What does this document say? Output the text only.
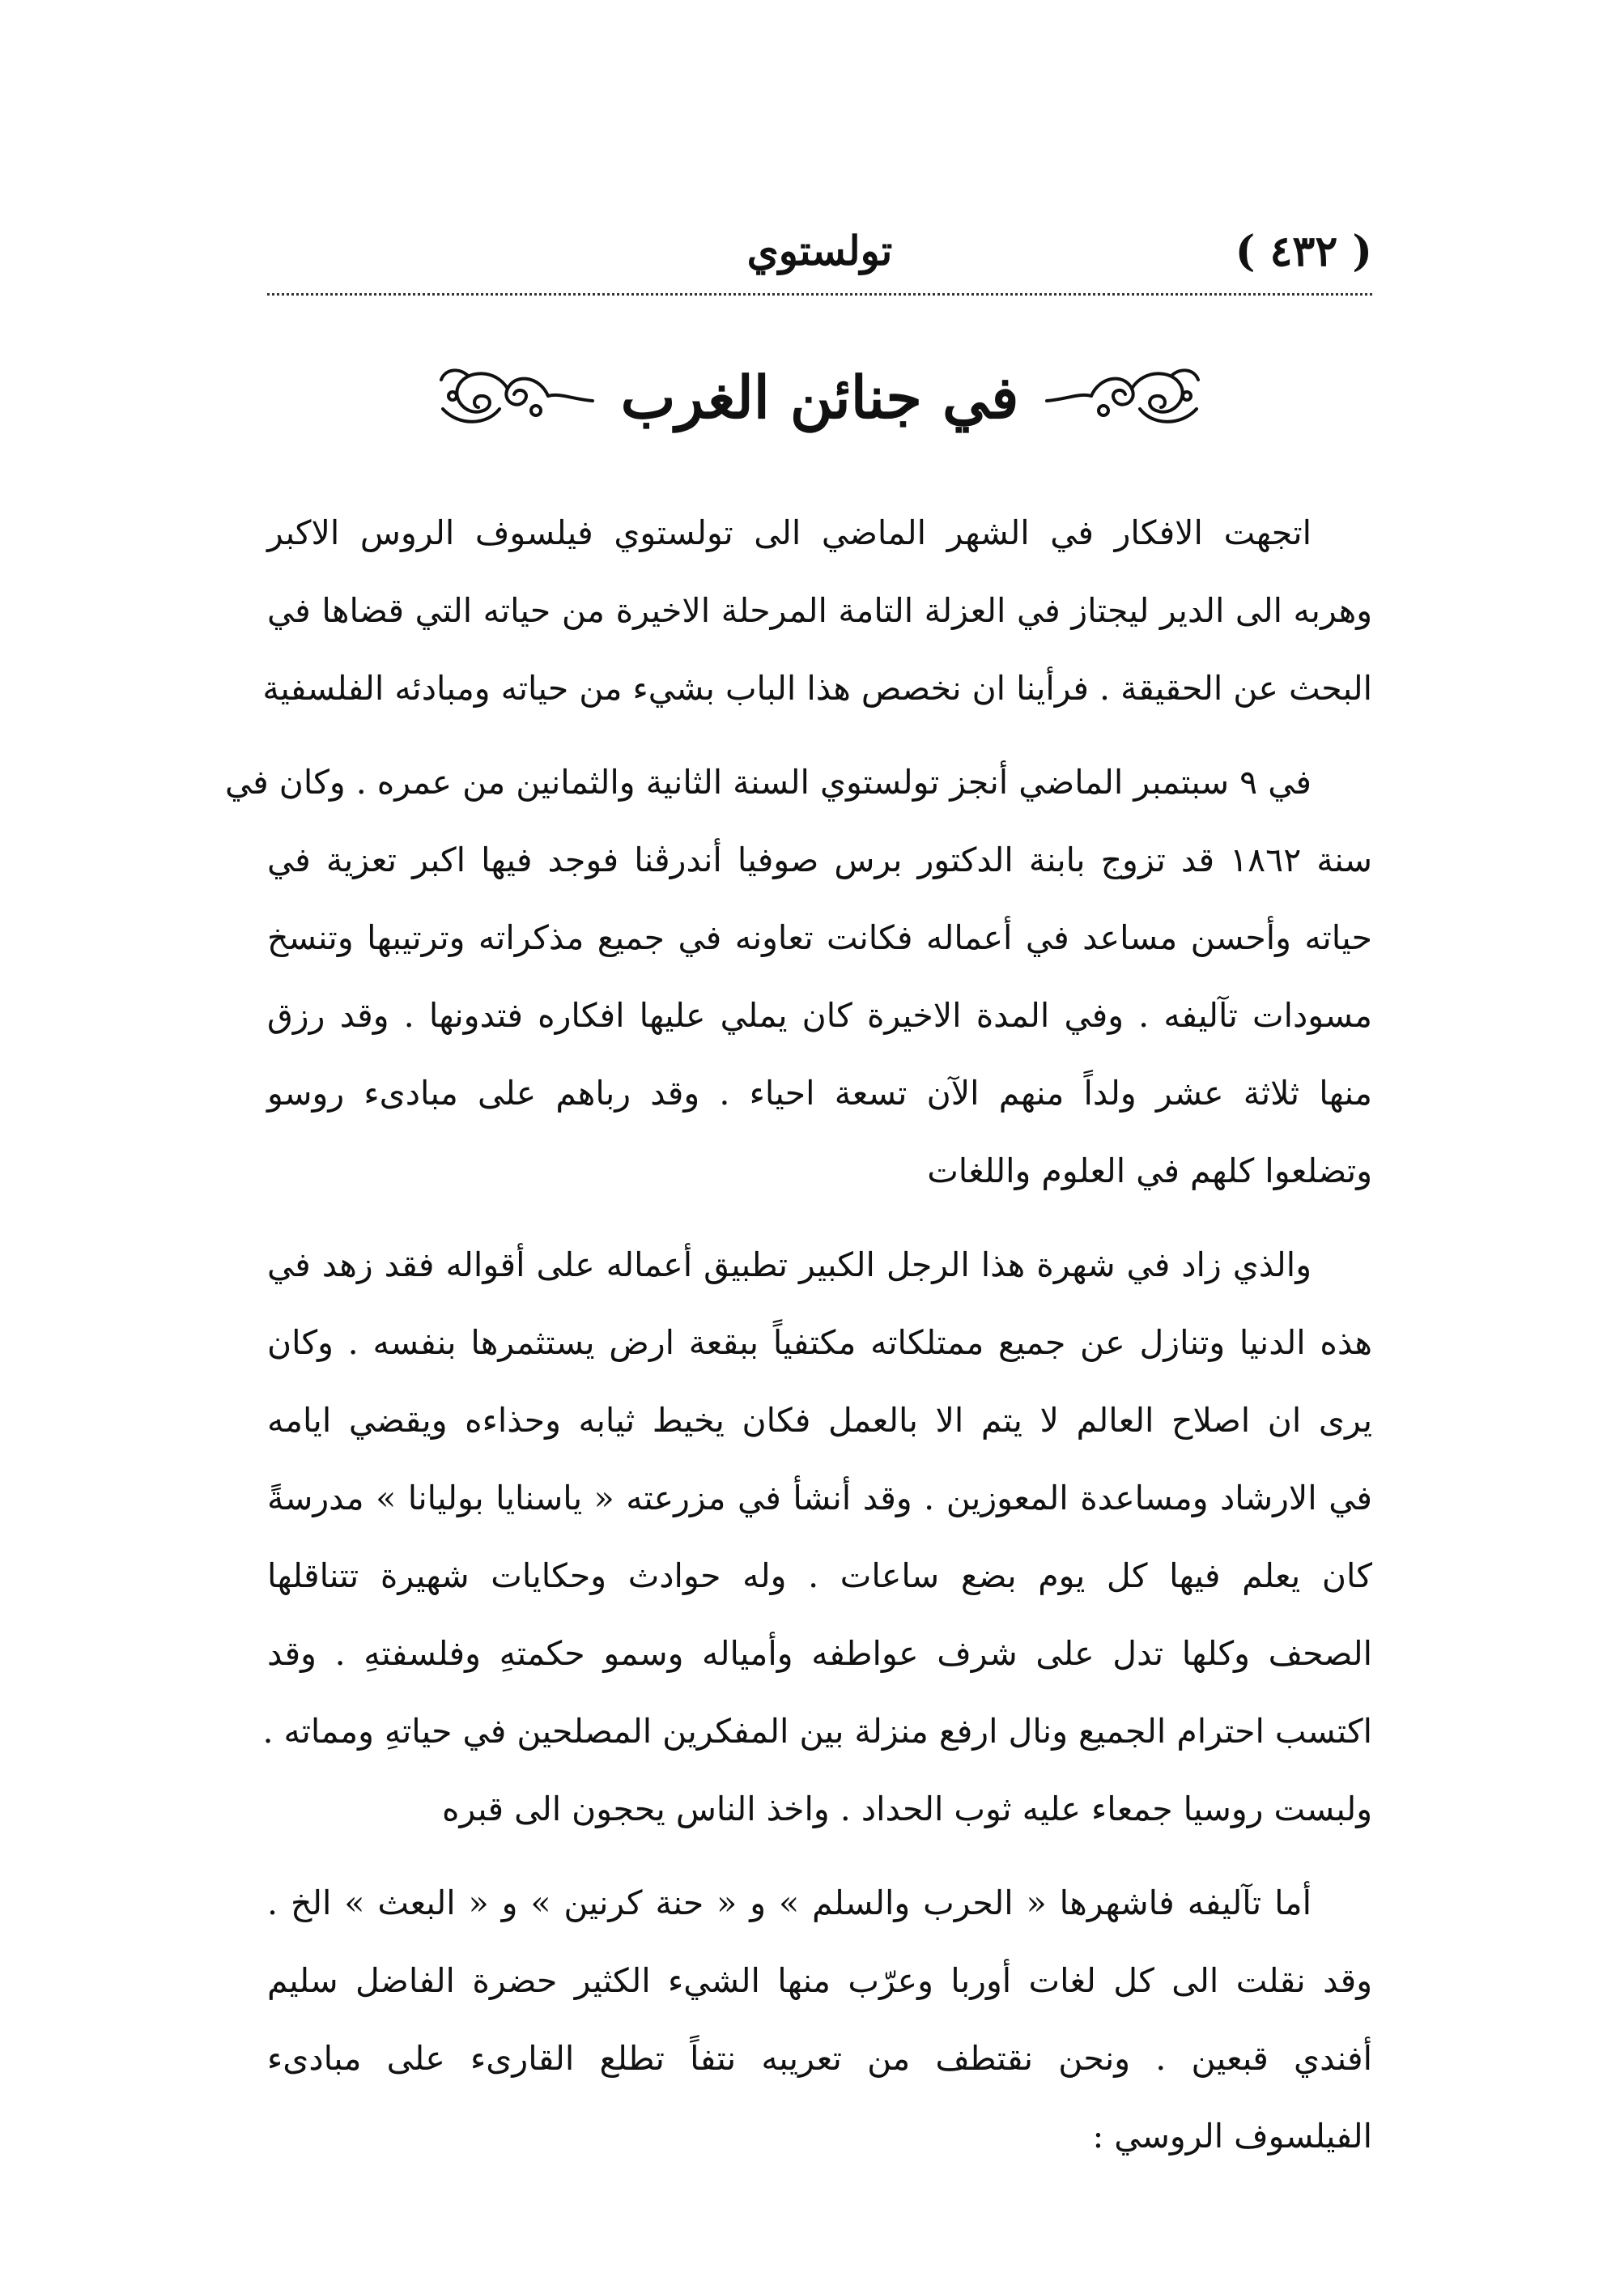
( ٤٣٢ )
تولستوي
في جنائن الغرب
اتجهت الافكار في الشهر الماضي الى تولستوي فيلسوف الروس الاكبر
وهربه الى الدير ليجتاز في العزلة التامة المرحلة الاخيرة من حياته التي قضاها في
البحث عن الحقيقة . فرأينا ان نخصص هذا الباب بشيء من حياته ومبادئه الفلسفية
في ٩ سبتمبر الماضي أنجز تولستوي السنة الثانية والثمانين من عمره . وكان في
سنة ١٨٦٢ قد تزوج بابنة الدكتور برس صوفيا أندرڤنا فوجد فيها اكبر تعزية في
حياته وأحسن مساعد في أعماله فكانت تعاونه في جميع مذكراته وترتيبها وتنسخ
مسودات تآليفه . وفي المدة الاخيرة كان يملي عليها افكاره فتدونها . وقد رزق
منها ثلاثة عشر ولداً منهم الآن تسعة احياء . وقد رباهم على مبادىء روسو
وتضلعوا كلهم في العلوم واللغات
والذي زاد في شهرة هذا الرجل الكبير تطبيق أعماله على أقواله فقد زهد في
هذه الدنيا وتنازل عن جميع ممتلكاته مكتفياً ببقعة ارض يستثمرها بنفسه . وكان
يرى ان اصلاح العالم لا يتم الا بالعمل فكان يخيط ثيابه وحذاءه ويقضي ايامه
في الارشاد ومساعدة المعوزين . وقد أنشأ في مزرعته « ياسنايا بوليانا » مدرسةً
كان يعلم فيها كل يوم بضع ساعات . وله حوادث وحكايات شهيرة تتناقلها
الصحف وكلها تدل على شرف عواطفه وأمياله وسمو حكمتهِ وفلسفتهِ . وقد
اكتسب احترام الجميع ونال ارفع منزلة بين المفكرين المصلحين في حياتهِ ومماته .
ولبست روسيا جمعاء عليه ثوب الحداد . واخذ الناس يحجون الى قبره
أما تآليفه فاشهرها « الحرب والسلم » و « حنة كرنين » و « البعث » الخ .
وقد نقلت الى كل لغات أوربا وعرّب منها الشيء الكثير حضرة الفاضل سليم
أفندي قبعين . ونحن نقتطف من تعريبه نتفاً تطلع القارىء على مبادىء
الفيلسوف الروسي :
